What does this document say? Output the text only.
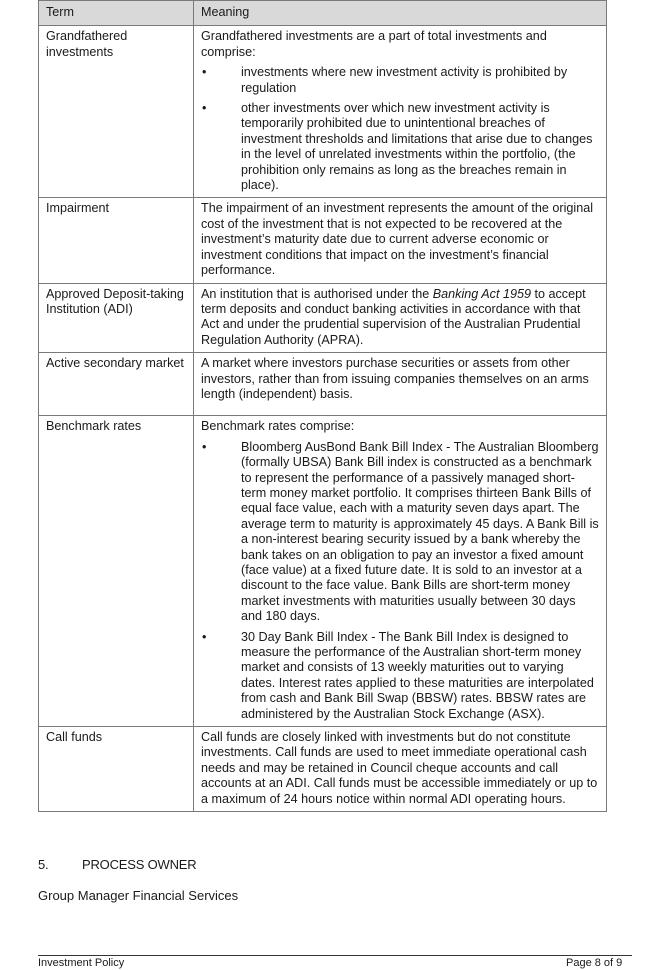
Term	Meaning
Grandfathered investments	Grandfathered investments are a part of total investments and comprise:

• investments where new investment activity is prohibited by regulation
• other investments over which new investment activity is temporarily prohibited due to unintentional breaches of investment thresholds and limitations that arise due to changes in the level of unrelated investments within the portfolio, (the prohibition only remains as long as the breaches remain in place).

Impairment	The impairment of an investment represents the amount of the original cost of the investment that is not expected to be recovered at the investment’s maturity date due to current adverse economic or investment conditions that impact on the investment’s financial performance.

Approved Deposit-taking Institution (ADI)	An institution that is authorised under the Banking Act 1959 to accept term deposits and conduct banking activities in accordance with that Act and under the prudential supervision of the Australian Prudential Regulation Authority (APRA).

Active secondary market	A market where investors purchase securities or assets from other investors, rather than from issuing companies themselves on an arms length (independent) basis.

Benchmark rates	Benchmark rates comprise:

• Bloomberg AusBond Bank Bill Index - The Australian Bloomberg (formally UBSA) Bank Bill index is constructed as a benchmark to represent the performance of a passively managed short-term money market portfolio. It comprises thirteen Bank Bills of equal face value, each with a maturity seven days apart. The average term to maturity is approximately 45 days. A Bank Bill is a non-interest bearing security issued by a bank whereby the bank takes on an obligation to pay an investor a fixed amount (face value) at a fixed future date. It is sold to an investor at a discount to the face value. Bank Bills are short-term money market investments with maturities usually between 30 days and 180 days.
• 30 Day Bank Bill Index - The Bank Bill Index is designed to measure the performance of the Australian short-term money market and consists of 13 weekly maturities out to varying dates. Interest rates applied to these maturities are interpolated from cash and Bank Bill Swap (BBSW) rates. BBSW rates are administered by the Australian Stock Exchange (ASX).

Call funds	Call funds are closely linked with investments but do not constitute investments. Call funds are used to meet immediate operational cash needs and may be retained in Council cheque accounts and call accounts at an ADI. Call funds must be accessible immediately or up to a maximum of 24 hours notice within normal ADI operating hours.

5.	PROCESS OWNER
Group Manager Financial Services
Investment Policy	Page 8 of 9
